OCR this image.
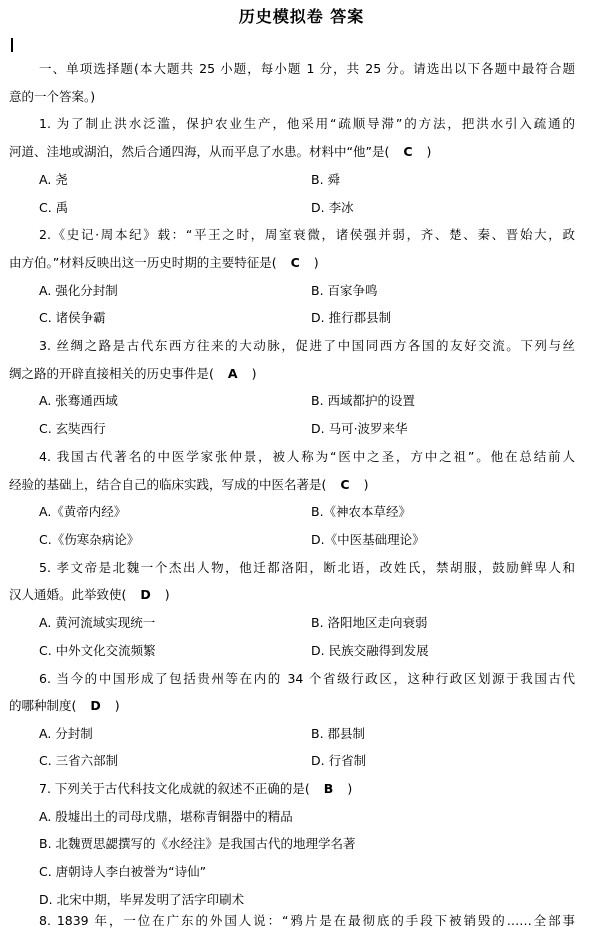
历史模拟卷 答案
一、单项选择题(本大题共 25 小题，每小题 1 分，共 25 分。请选出以下各题中最符合题
意的一个答案。)
1. 为了制止洪水泛滥，保护农业生产，他采用“疏顺导滞”的方法，把洪水引入疏通的
河道、洼地或湖泊，然后合通四海，从而平息了水患。材料中“他”是( C )
A. 尧	B. 舜
C. 禹	D. 李冰
2.《史记·周本纪》载：“平王之时，周室衰微，诸侯强并弱，齐、楚、秦、晋始大，政
由方伯。”材料反映出这一历史时期的主要特征是( C )
A. 强化分封制	B. 百家争鸣
C. 诸侯争霸	D. 推行郡县制
3. 丝绸之路是古代东西方往来的大动脉，促进了中国同西方各国的友好交流。下列与丝
绸之路的开辟直接相关的历史事件是( A )
A. 张骞通西域	B. 西域都护的设置
C. 玄奘西行	D. 马可·波罗来华
4. 我国古代著名的中医学家张仲景，被人称为“医中之圣，方中之祖”。他在总结前人
经验的基础上，结合自己的临床实践，写成的中医名著是( C )
A.《黄帝内经》	B.《神农本草经》
C.《伤寒杂病论》	D.《中医基础理论》
5. 孝文帝是北魏一个杰出人物，他迁都洛阳，断北语，改姓氏，禁胡服，鼓励鲜卑人和
汉人通婚。此举致使( D )
A. 黄河流域实现统一	B. 洛阳地区走向衰弱
C. 中外文化交流频繁	D. 民族交融得到发展
6. 当今的中国形成了包括贵州等在内的 34 个省级行政区，这种行政区划源于我国古代
的哪种制度( D )
A. 分封制	B. 郡县制
C. 三省六部制	D. 行省制
7. 下列关于古代科技文化成就的叙述不正确的是( B )
A. 殷墟出土的司母戊鼎，堪称青铜器中的精品
B. 北魏贾思勰撰写的《水经注》是我国古代的地理学名著
C. 唐朝诗人李白被誉为“诗仙”
D. 北宋中期，毕昇发明了活字印刷术
8. 1839 年，一位在广东的外国人说：“鸦片是在最彻底的手段下被销毁的……全部事
